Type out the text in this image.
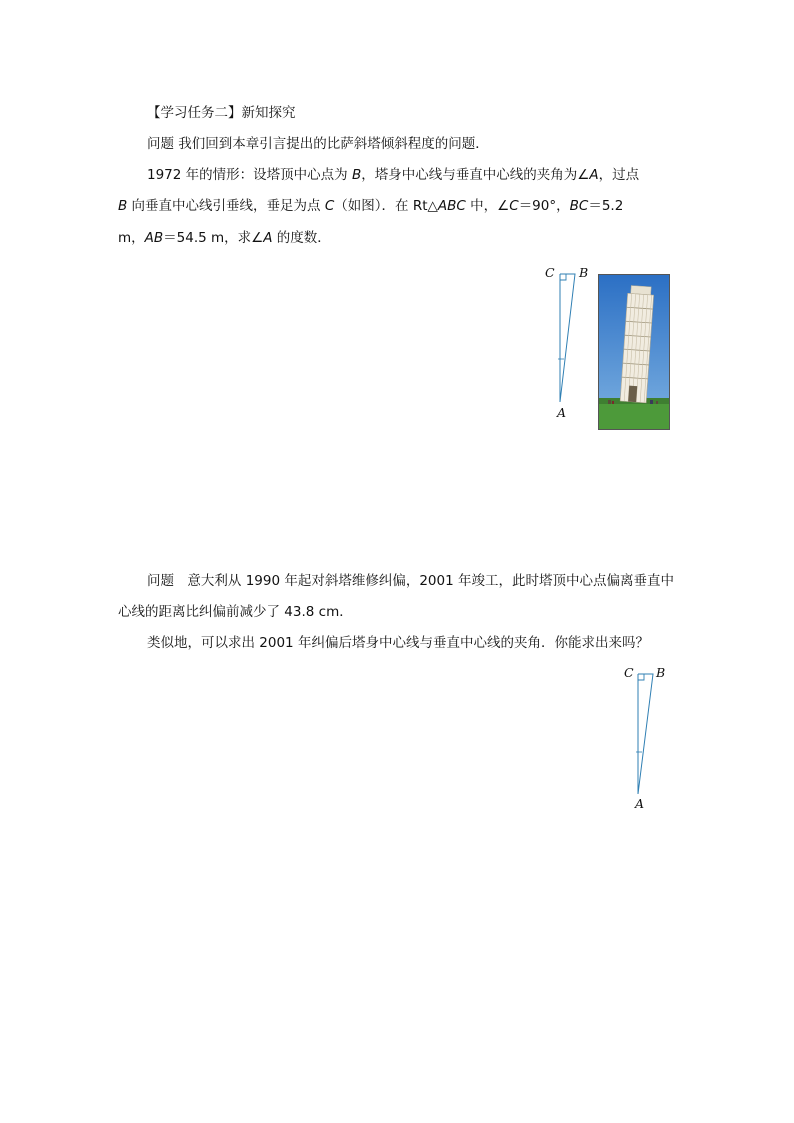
【学习任务二】新知探究
问题 我们回到本章引言提出的比萨斜塔倾斜程度的问题．
1972 年的情形：设塔顶中心点为 B，塔身中心线与垂直中心线的夹角为∠A，过点
B 向垂直中心线引垂线，垂足为点 C（如图）．在 Rt△ABC 中，∠C＝90°，BC＝5.2
m，AB＝54.5 m，求∠A 的度数．
C B
A
问题 意大利从 1990 年起对斜塔维修纠偏，2001 年竣工，此时塔顶中心点偏离垂直中
心线的距离比纠偏前减少了 43.8 cm．
类似地，可以求出 2001 年纠偏后塔身中心线与垂直中心线的夹角．你能求出来吗？
C B
A
